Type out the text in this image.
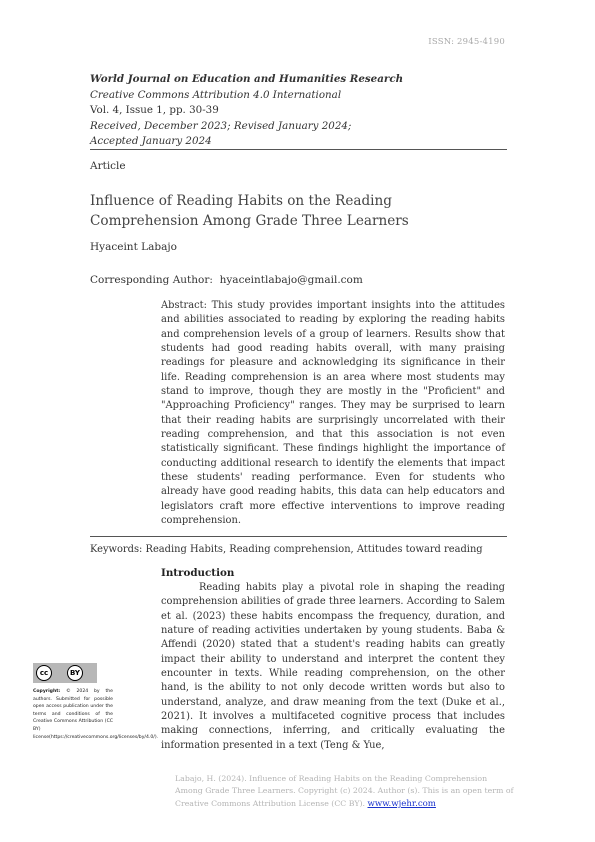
ISSN: 2945-4190
World Journal on Education and Humanities Research
Creative Commons Attribution 4.0 International
Vol. 4, Issue 1, pp. 30-39
Received, December 2023; Revised January 2024;
Accepted January 2024
Article
Influence of Reading Habits on the Reading Comprehension Among Grade Three Learners
Hyaceint Labajo
Corresponding Author: hyaceintlabajo@gmail.com
Abstract: This study provides important insights into the attitudes and abilities associated to reading by exploring the reading habits and comprehension levels of a group of learners. Results show that students had good reading habits overall, with many praising readings for pleasure and acknowledging its significance in their life. Reading comprehension is an area where most students may stand to improve, though they are mostly in the "Proficient" and "Approaching Proficiency" ranges. They may be surprised to learn that their reading habits are surprisingly uncorrelated with their reading comprehension, and that this association is not even statistically significant. These findings highlight the importance of conducting additional research to identify the elements that impact these students' reading performance. Even for students who already have good reading habits, this data can help educators and legislators craft more effective interventions to improve reading comprehension.
Keywords: Reading Habits, Reading comprehension, Attitudes toward reading
Introduction

Reading habits play a pivotal role in shaping the reading comprehension abilities of grade three learners. According to Salem et al. (2023) these habits encompass the frequency, duration, and nature of reading activities undertaken by young students. Baba & Affendi (2020) stated that a student's reading habits can greatly impact their ability to understand and interpret the content they encounter in texts. While reading comprehension, on the other hand, is the ability to not only decode written words but also to understand, analyze, and draw meaning from the text (Duke et al., 2021). It involves a multifaceted cognitive process that includes making connections, inferring, and critically evaluating the information presented in a text (Teng & Yue,

cc	BY
Copyright: © 2024 by the authors. Submitted for possible open access publication under the terms and conditions of the Creative Commons Attribution (CC BY) license(https://creativecommons.org/licenses/by/4.0/).
Labajo, H. (2024). Influence of Reading Habits on the Reading Comprehension Among Grade Three Learners. Copyright (c) 2024. Author (s). This is an open term of Creative Commons Attribution License (CC BY). www.wjehr.com
